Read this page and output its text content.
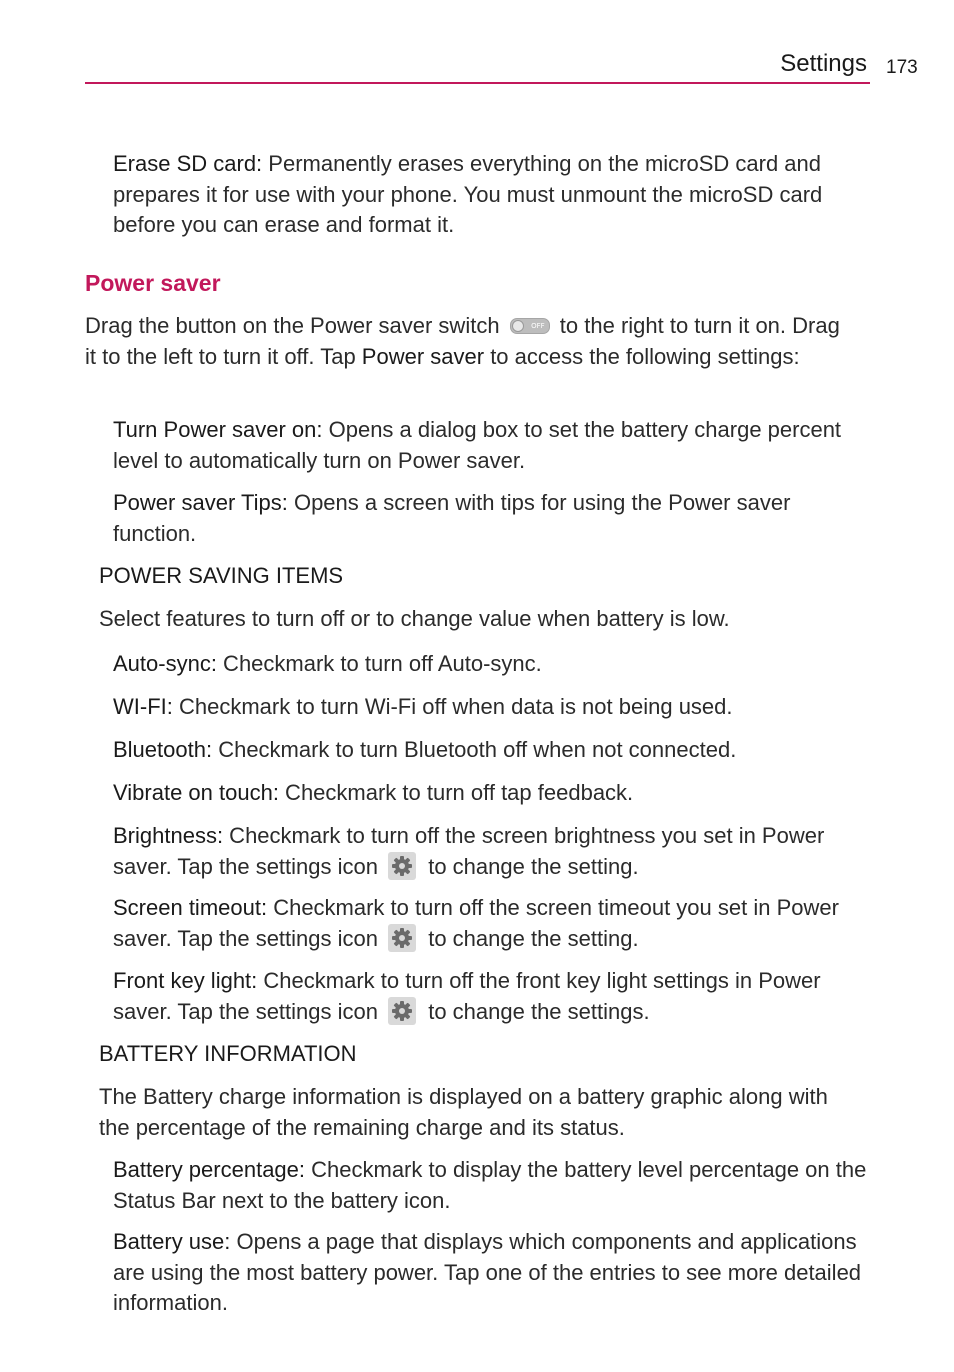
Settings 173

Erase SD card: Permanently erases everything on the microSD card and prepares it for use with your phone. You must unmount the microSD card before you can erase and format it.

Power saver

Drag the button on the Power saver switch	OFF to the right to turn it on. Drag it to the left to turn it off. Tap Power saver to access the following settings:

Turn Power saver on: Opens a dialog box to set the battery charge percent level to automatically turn on Power saver.

Power saver Tips: Opens a screen with tips for using the Power saver function.

POWER SAVING ITEMS

Select features to turn off or to change value when battery is low.

Auto-sync: Checkmark to turn off Auto-sync.

WI-FI: Checkmark to turn Wi-Fi off when data is not being used.

Bluetooth: Checkmark to turn Bluetooth off when not connected.

Vibrate on touch: Checkmark to turn off tap feedback.

Brightness: Checkmark to turn off the screen brightness you set in Power saver. Tap the settings icon
to change the setting.

Screen timeout: Checkmark to turn off the screen timeout you set in Power saver. Tap the settings icon
to change the setting.

Front key light: Checkmark to turn off the front key light settings in Power saver. Tap the settings icon
to change the settings.

BATTERY INFORMATION

The Battery charge information is displayed on a battery graphic along with the percentage of the remaining charge and its status.

Battery percentage: Checkmark to display the battery level percentage on the Status Bar next to the battery icon.

Battery use: Opens a page that displays which components and applications are using the most battery power. Tap one of the entries to see more detailed information.
